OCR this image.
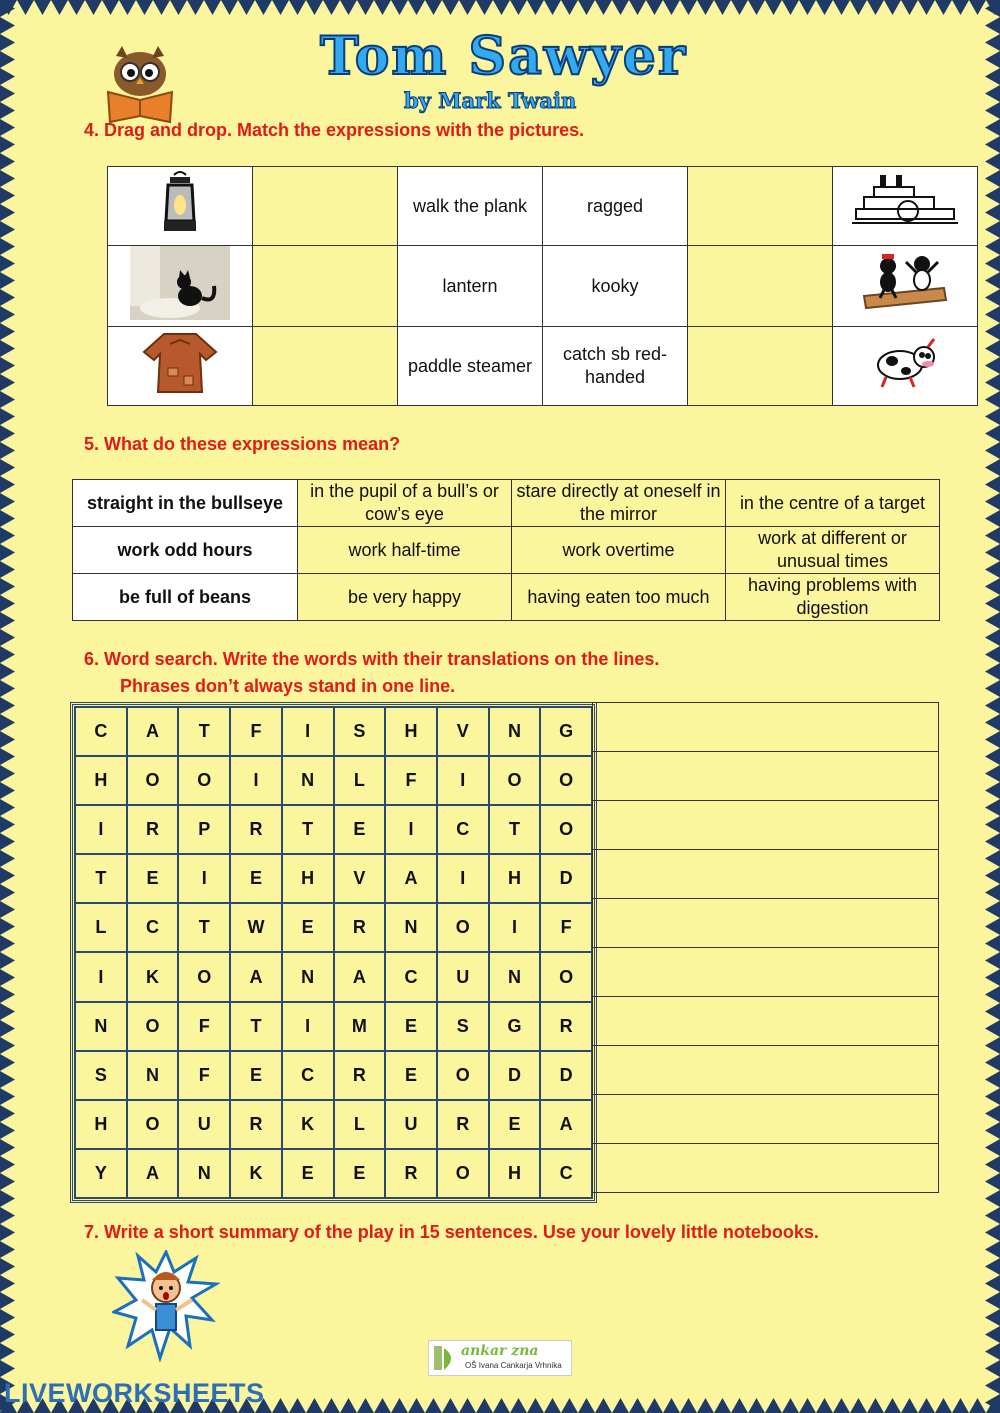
Tom Sawyer
by Mark Twain
4. Drag and drop. Match the expressions with the pictures.
		walk the plank	ragged		
		lantern	kooky		
		paddle steamer	catch sb red-handed		
5. What do these expressions mean?
straight in the bullseye	in the pupil of a bull’s or cow’s eye	stare directly at oneself in the mirror	in the centre of a target
work odd hours	work half-time	work overtime	work at different or unusual times
be full of beans	be very happy	having eaten too much	having problems with digestion
6. Word search. Write the words with their translations on the lines.
Phrases don’t always stand in one line.
C	A	T	F	I	S	H	V	N	G
H	O	O	I	N	L	F	I	O	O
I	R	P	R	T	E	I	C	T	O
T	E	I	E	H	V	A	I	H	D
L	C	T	W	E	R	N	O	I	F
I	K	O	A	N	A	C	U	N	O
N	O	F	T	I	M	E	S	G	R
S	N	F	E	C	R	E	O	D	D
H	O	U	R	K	L	U	R	E	A
Y	A	N	K	E	E	R	O	H	C
7. Write a short summary of the play in 15 sentences. Use your lovely little notebooks.
ankar zna
OŠ Ivana Cankarja Vrhnika
LIVEWORKSHEETS
